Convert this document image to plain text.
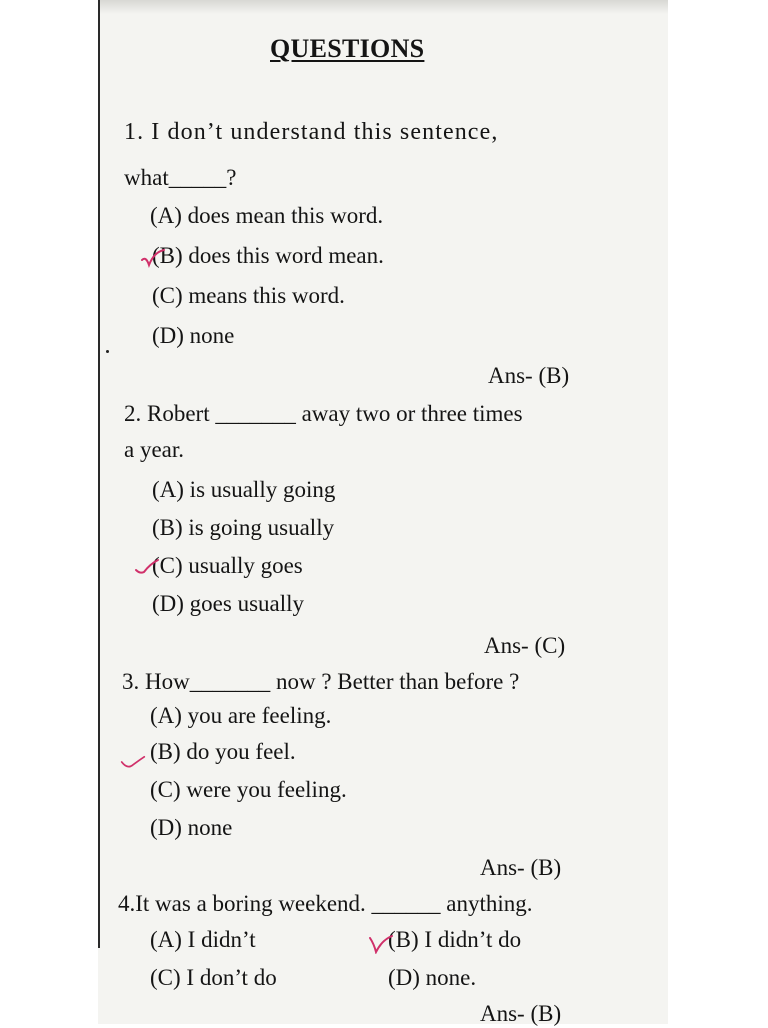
QUESTIONS
1. I don’t understand this sentence,
what_____?
(A) does mean this word.
(B) does this word mean.
(C) means this word.
(D) none
Ans- (B)
2. Robert _______ away two or three times
a year.
(A) is usually going
(B) is going usually
(C) usually goes
(D) goes usually
Ans- (C)
3. How_______ now ? Better than before ?
(A) you are feeling.
(B) do you feel.
(C) were you feeling.
(D) none
Ans- (B)
4.It was a boring weekend. ______ anything.
(A) I didn’t	(B) I didn’t do
(C) I don’t do	(D) none.
Ans- (B)
